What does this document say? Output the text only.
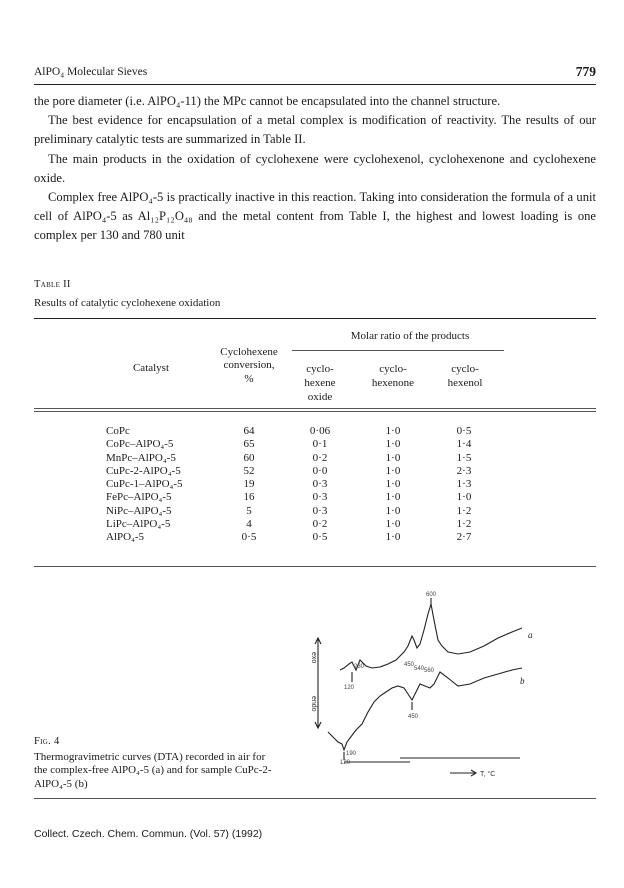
AlPO₄ Molecular Sieves	779

the pore diameter (i.e. AlPO₄-11) the MPc cannot be encapsulated into the channel structure.

The best evidence for encapsulation of a metal complex is modification of reactivity. The results of our preliminary catalytic tests are summarized in Table II.

The main products in the oxidation of cyclohexene were cyclohexenol, cyclohexenone and cyclohexene oxide.

Complex free AlPO₄-5 is practically inactive in this reaction. Taking into consideration the formula of a unit cell of AlPO₄-5 as Al₁₂P₁₂O₄₈ and the metal content from Table I, the highest and lowest loading is one complex per 130 and 780 unit

Table II
Results of catalytic cyclohexene oxidation
Molar ratio of the products
Catalyst
Cyclohexene
conversion,
%
cyclo-
hexene
oxide
cyclo-
hexenone
cyclo-
hexenol
CoPc
CoPc–AlPO₄-5
MnPc–AlPO₄-5
CuPc-2-AlPO₄-5
CuPc-1–AlPO₄-5
FePc–AlPO₄-5
NiPc–AlPO₄-5
LiPc–AlPO₄-5
AlPO₄-5
64
65
60
52
19
16
5
4
0·5
0·06
0·1
0·2
0·0
0·3
0·3
0·3
0·2
0·5
1·0
1·0
1·0
1·0
1·0
1·0
1·0
1·0
1·0
0·5
1·4
1·5
2·3
1·3
1·0
1·2
1·2
2·7
600
230
120
450
540 560
450
190
120
exo
endo
T, °C
a
b
Fig. 4
Thermogravimetric curves (DTA) recorded in air for the complex-free AlPO₄-5 (a) and for sample CuPc-2-AlPO₄-5 (b)
Collect. Czech. Chem. Commun. (Vol. 57) (1992)
